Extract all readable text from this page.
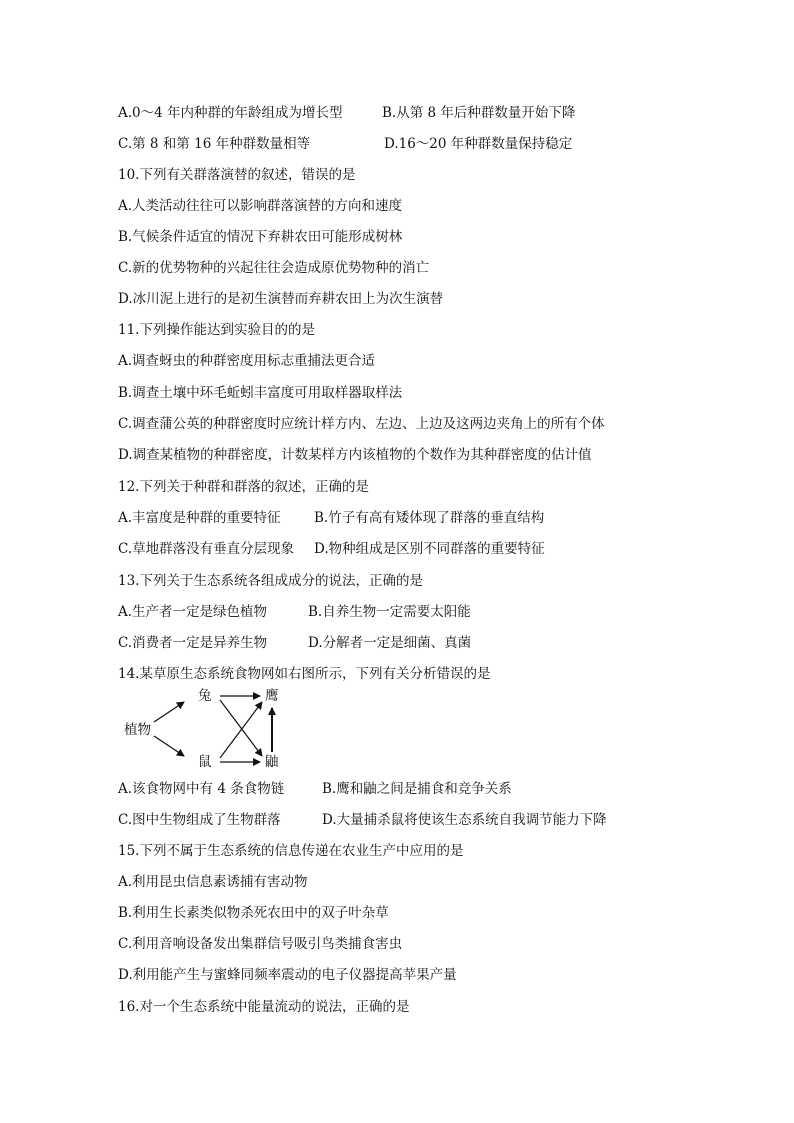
A.0～4 年内种群的年龄组成为增长型	B.从第 8 年后种群数量开始下降
C.第 8 和第 16 年种群数量相等	D.16～20 年种群数量保持稳定
10.下列有关群落演替的叙述，错误的是
A.人类活动往往可以影响群落演替的方向和速度
B.气候条件适宜的情况下弃耕农田可能形成树林
C.新的优势物种的兴起往往会造成原优势物种的消亡
D.冰川泥上进行的是初生演替而弃耕农田上为次生演替
11.下列操作能达到实验目的的是
A.调查蚜虫的种群密度用标志重捕法更合适
B.调查土壤中环毛蚯蚓丰富度可用取样器取样法
C.调查蒲公英的种群密度时应统计样方内、左边、上边及这两边夹角上的所有个体
D.调查某植物的种群密度，计数某样方内该植物的个数作为其种群密度的估计值
12.下列关于种群和群落的叙述，正确的是
A.丰富度是种群的重要特征 B.竹子有高有矮体现了群落的垂直结构
C.草地群落没有垂直分层现象 D.物种组成是区别不同群落的重要特征
13.下列关于生态系统各组成成分的说法，正确的是
A.生产者一定是绿色植物	B.自养生物一定需要太阳能
C.消费者一定是异养生物	D.分解者一定是细菌、真菌
14.某草原生态系统食物网如右图所示，下列有关分析错误的是
植物
兔
鼠
鹰
鼬
A.该食物网中有 4 条食物链	B.鹰和鼬之间是捕食和竞争关系
C.图中生物组成了生物群落	D.大量捕杀鼠将使该生态系统自我调节能力下降
15.下列不属于生态系统的信息传递在农业生产中应用的是
A.利用昆虫信息素诱捕有害动物
B.利用生长素类似物杀死农田中的双子叶杂草
C.利用音响设备发出集群信号吸引鸟类捕食害虫
D.利用能产生与蜜蜂同频率震动的电子仪器提高苹果产量
16.对一个生态系统中能量流动的说法，正确的是
